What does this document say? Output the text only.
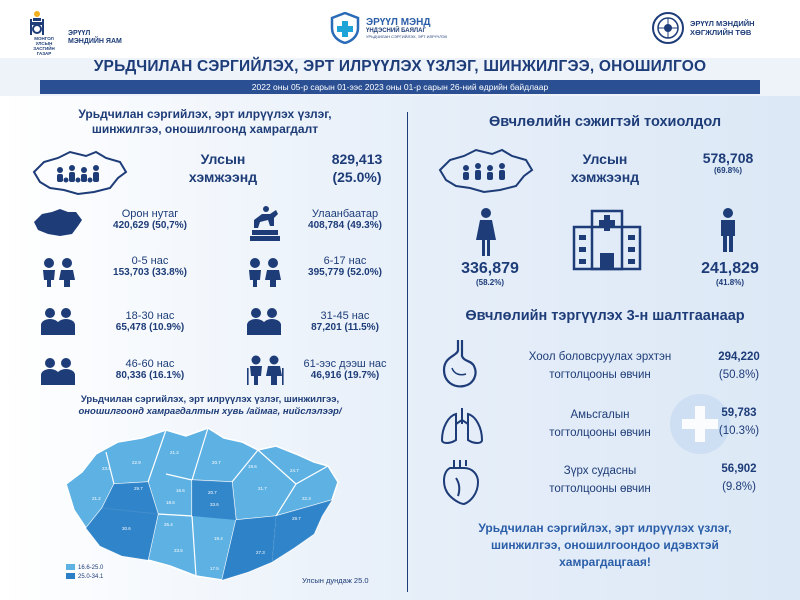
МОНГОЛ УЛСЫН ЗАСГИЙН ГАЗАР
ЭРҮҮЛ
МЭНДИЙН ЯАМ
ЭРҮҮЛ МЭНД
ҮНДЭСНИЙ БАЯЛАГ
УРЬДЧИЛАН СЭРГИЙЛЭХ, ЭРТ ИЛРҮҮЛЭХ
ЭРҮҮЛ МЭНДИЙН
ХӨГЖЛИЙН ТӨВ
УРЬДЧИЛАН СЭРГИЙЛЭХ, ЭРТ ИЛРҮҮЛЭХ ҮЗЛЭГ, ШИНЖИЛГЭЭ, ОНОШИЛГОО
2022 оны 05-р сарын 01-ээс 2023 оны 01-р сарын 26-ний өдрийн байдлаар
Урьдчилан сэргийлэх, эрт илрүүлэх үзлэг,
шинжилгээ, оношилгоонд хамрагдалт
Улсын
хэмжээнд
829,413
(25.0%)
Орон нутаг
420,629 (50,7%)
Улаанбаатар
408,784 (49.3%)
0-5 нас
153,703 (33.8%)
6-17 нас
395,779 (52.0%)
18-30 нас
65,478 (10.9%)
31-45 нас
87,201 (11.5%)
46-60 нас
80,336 (16.1%)
61-ээс дээш нас
46,916 (19.7%)
Урьдчилан сэргийлэх, эрт илрүүлэх үзлэг, шинжилгээ,
оношилгоонд хамрагдалтын хувь /аймаг, нийслэлээр/
23.6
22.9
21.2
20.7
19.6
24.7
29.7	16.6	20.7
21.7
21.2
18.6
22.3
33.6
30.6
25.4
29.7
27.3
19.4
23.5
17.5
16.6-25.0
25.0-34.1	Улсын дундаж 25.0
Өвчлөлийн сэжигтэй тохиолдол
Улсын
хэмжээнд
578,708
(69.8%)
336,879
(58.2%)
241,829
(41.8%)
Өвчлөлийн тэргүүлэх 3-н шалтгаанаар
Хоол боловсруулах эрхтэн
тогтолцооны өвчин
294,220
(50.8%)
Амьсгалын
тогтолцооны өвчин
59,783
(10.3%)
Зүрх судасны
тогтолцооны өвчин
56,902
(9.8%)
Урьдчилан сэргийлэх, эрт илрүүлэх үзлэг,
шинжилгээ, оношилгоондоо идэвхтэй
хамрагдацгаая!
